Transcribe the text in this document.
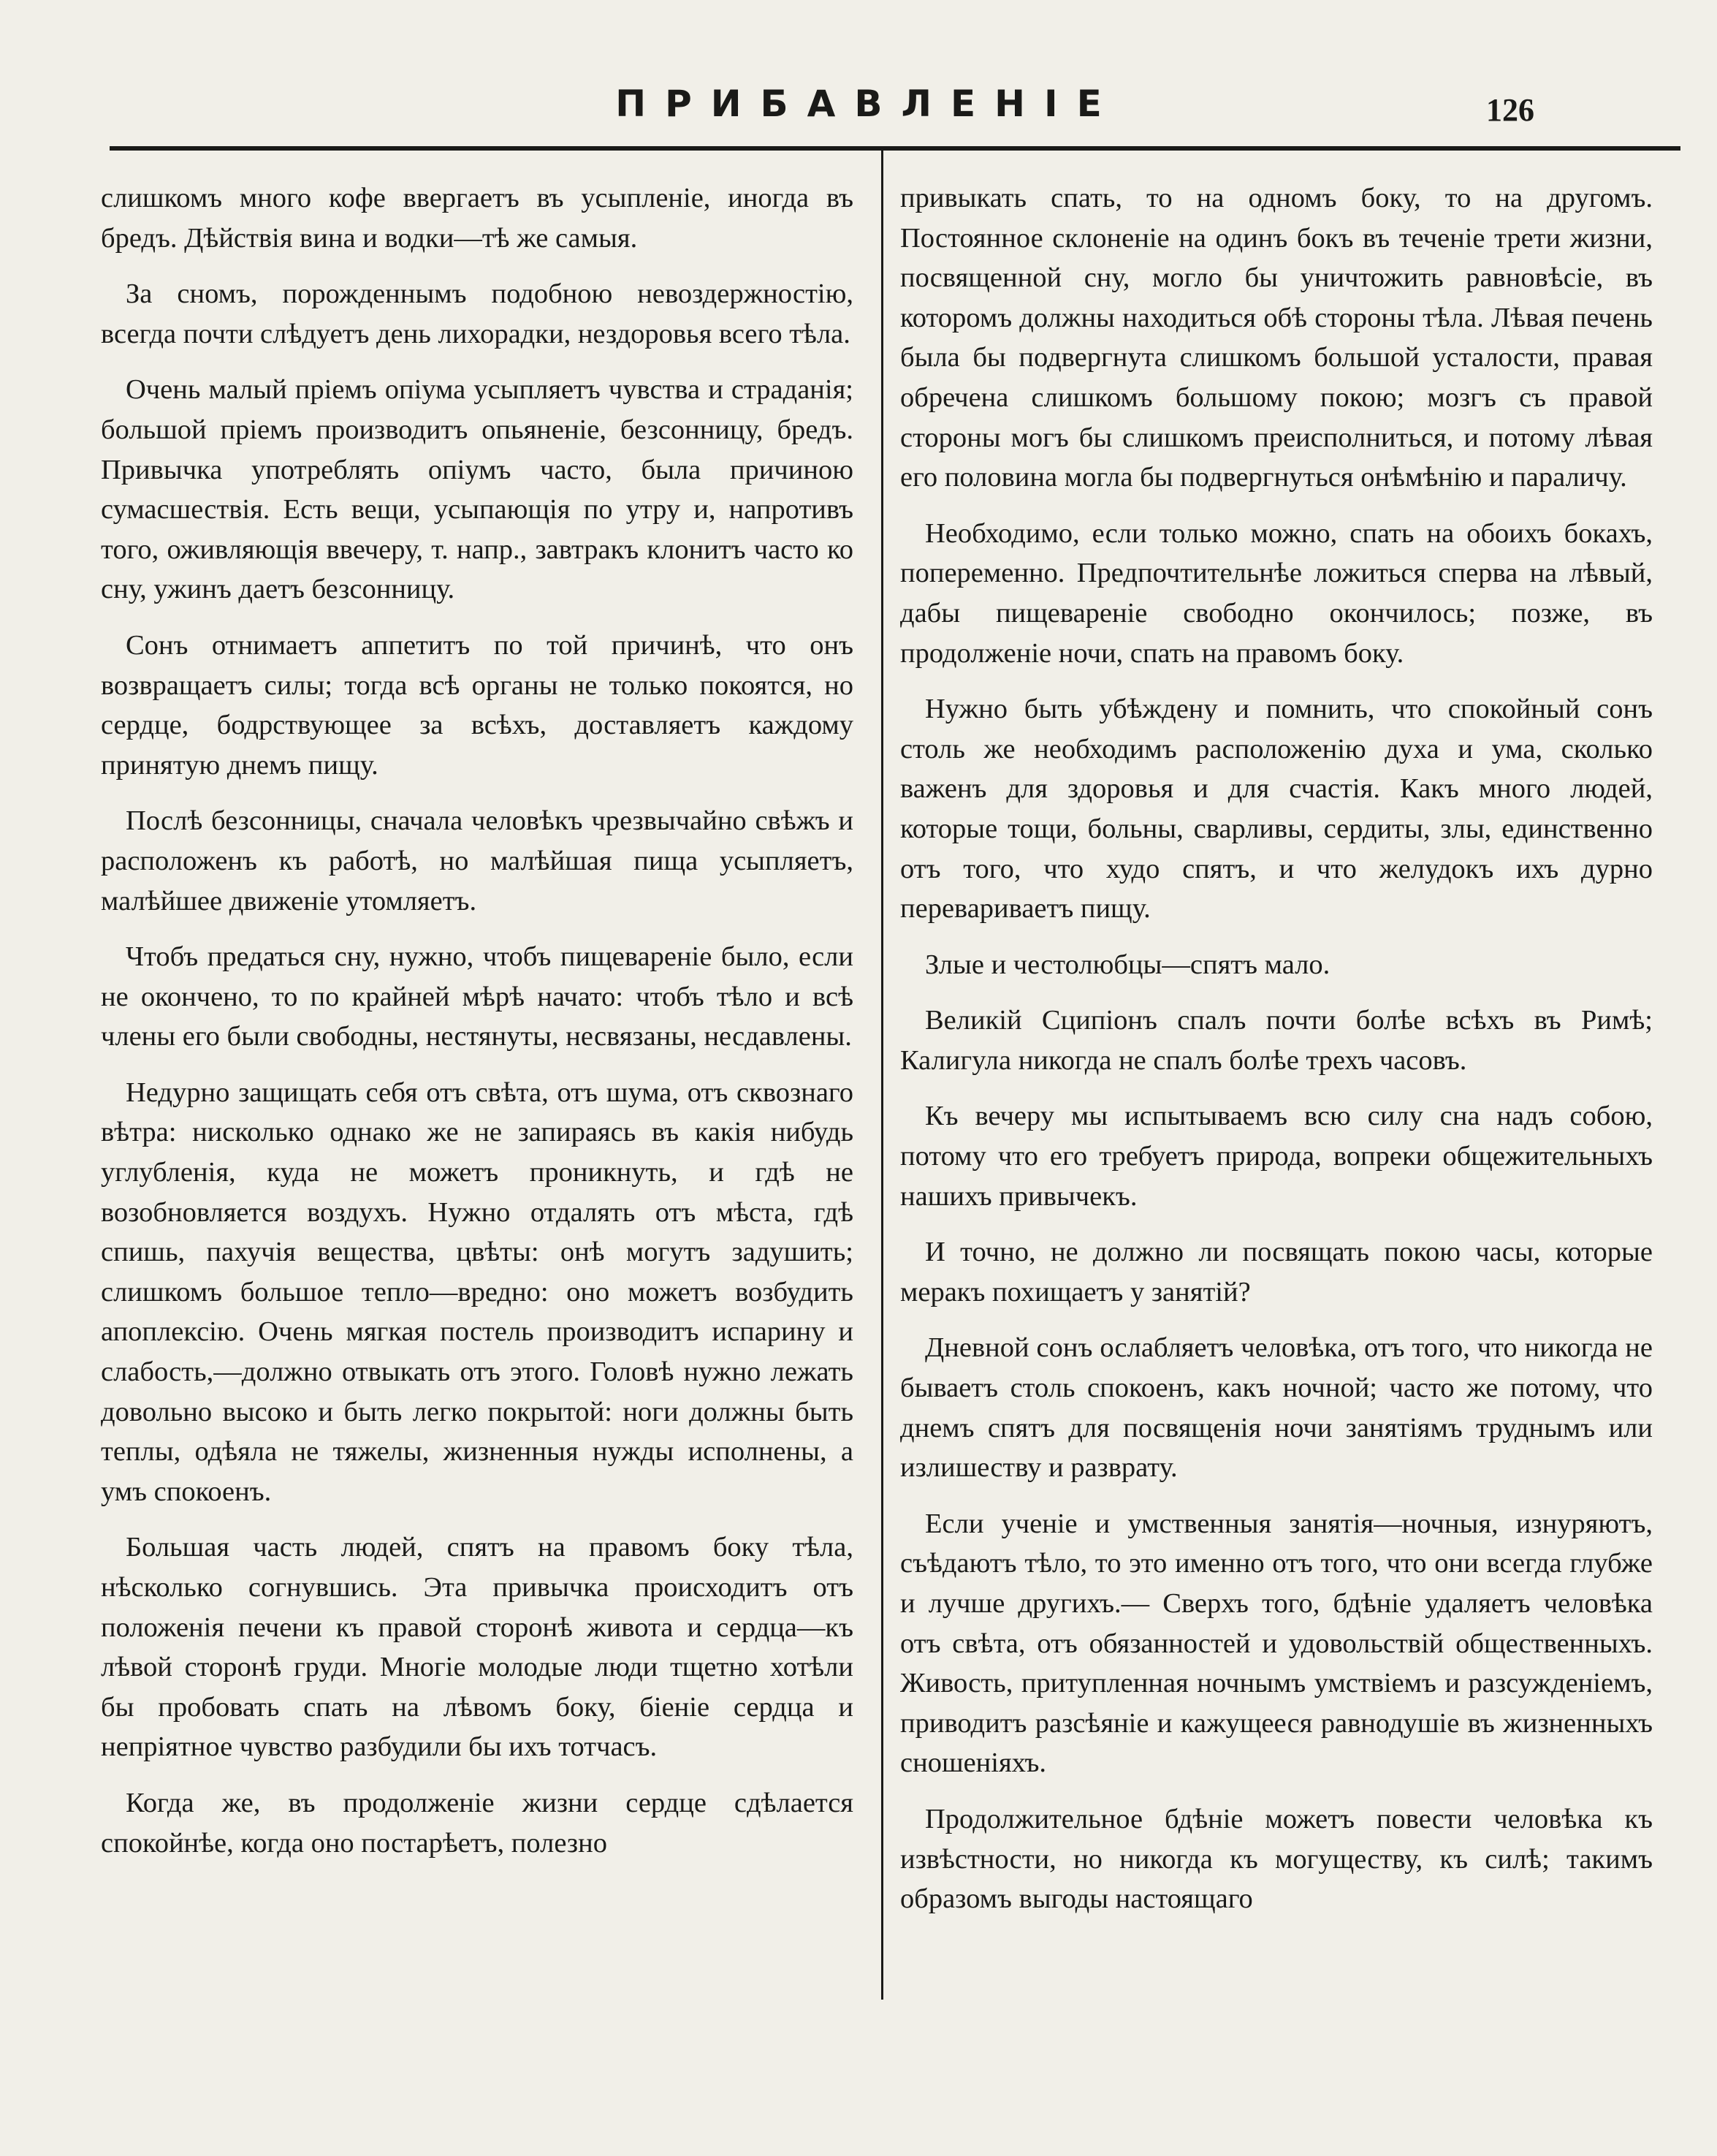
ПРИБАВЛЕНІЕ	126

слишкомъ много кофе ввергаетъ въ усыпленіе, иногда въ бредъ. Дѣйствія вина и водки—тѣ же самыя.

За сномъ, порожденнымъ подобною невоздержностію, всегда почти слѣдуетъ день лихорадки, нездоровья всего тѣла.

Очень малый пріемъ опіума усыпляетъ чувства и страданія; большой пріемъ производитъ опьяненіе, безсонницу, бредъ. Привычка употреблять опіумъ часто, была причиною сумасшествія. Есть вещи, усыпающія по утру и, напротивъ того, оживляющія ввечеру, т. напр., завтракъ клонитъ часто ко сну, ужинъ даетъ безсонницу.

Сонъ отнимаетъ аппетитъ по той причинѣ, что онъ возвращаетъ силы; тогда всѣ органы не только покоятся, но сердце, бодрствующее за всѣхъ, доставляетъ каждому принятую днемъ пищу.

Послѣ безсонницы, сначала человѣкъ чрезвычайно свѣжъ и расположенъ къ работѣ, но малѣйшая пища усыпляетъ, малѣйшее движеніе утомляетъ.

Чтобъ предаться сну, нужно, чтобъ пищевареніе было, если не окончено, то по крайней мѣрѣ начато: чтобъ тѣло и всѣ члены его были свободны, нестянуты, несвязаны, несдавлены.

Недурно защищать себя отъ свѣта, отъ шума, отъ сквознаго вѣтра: нисколько однако же не запираясь въ какія нибудь углубленія, куда не можетъ проникнуть, и гдѣ не возобновляется воздухъ. Нужно отдалять отъ мѣста, гдѣ спишь, пахучія вещества, цвѣты: онѣ могутъ задушить; слишкомъ большое тепло—вредно: оно можетъ возбудить апоплексію. Очень мягкая постель производитъ испарину и слабость,—должно отвыкать отъ этого. Головѣ нужно лежать довольно высоко и быть легко покрытой: ноги должны быть теплы, одѣяла не тяжелы, жизненныя нужды исполнены, а умъ спокоенъ.

Большая часть людей, спятъ на правомъ боку тѣла, нѣсколько согнувшись. Эта привычка происходитъ отъ положенія печени къ правой сторонѣ живота и сердца—къ лѣвой сторонѣ груди. Многіе молодые люди тщетно хотѣли бы пробовать спать на лѣвомъ боку, біеніе сердца и непріятное чувство разбудили бы ихъ тотчасъ.

Когда же, въ продолженіе жизни сердце сдѣлается спокойнѣе, когда оно постарѣетъ, полезно

привыкать спать, то на одномъ боку, то на другомъ. Постоянное склоненіе на одинъ бокъ въ теченіе трети жизни, посвященной сну, могло бы уничтожить равновѣсіе, въ которомъ должны находиться обѣ стороны тѣла. Лѣвая печень была бы подвергнута слишкомъ большой усталости, правая обречена слишкомъ большому покою; мозгъ съ правой стороны могъ бы слишкомъ преисполниться, и потому лѣвая его половина могла бы подвергнуться онѣмѣнію и параличу.

Необходимо, если только можно, спать на обоихъ бокахъ, попеременно. Предпочтительнѣе ложиться сперва на лѣвый, дабы пищевареніе свободно окончилось; позже, въ продолженіе ночи, спать на правомъ боку.

Нужно быть убѣждену и помнить, что спокойный сонъ столь же необходимъ расположенію духа и ума, сколько важенъ для здоровья и для счастія. Какъ много людей, которые тощи, больны, сварливы, сердиты, злы, единственно отъ того, что худо спятъ, и что желудокъ ихъ дурно перевариваетъ пищу.

Злые и честолюбцы—спятъ мало.

Великій Сципіонъ спалъ почти болѣе всѣхъ въ Римѣ; Калигула никогда не спалъ болѣе трехъ часовъ.

Къ вечеру мы испытываемъ всю силу сна надъ собою, потому что его требуетъ природа, вопреки общежительныхъ нашихъ привычекъ.

И точно, не должно ли посвящать покою часы, которые меракъ похищаетъ у занятій?

Дневной сонъ ослабляетъ человѣка, отъ того, что никогда не бываетъ столь спокоенъ, какъ ночной; часто же потому, что днемъ спятъ для посвященія ночи занятіямъ труднымъ или излишеству и разврату.

Если ученіе и умственныя занятія—ночныя, изнуряютъ, съѣдаютъ тѣло, то это именно отъ того, что они всегда глубже и лучше другихъ.— Сверхъ того, бдѣніе удаляетъ человѣка отъ свѣта, отъ обязанностей и удовольствій общественныхъ. Живость, притупленная ночнымъ умствіемъ и разсужденіемъ, приводитъ разсѣяніе и кажущееся равнодушіе въ жизненныхъ сношеніяхъ.

Продолжительное бдѣніе можетъ повести человѣка къ извѣстности, но никогда къ могуществу, къ силѣ; такимъ образомъ выгоды настоящаго
